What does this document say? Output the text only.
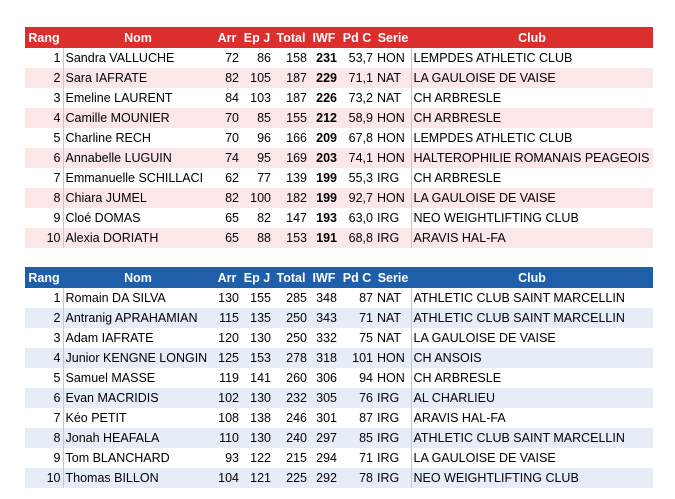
Rang	Nom	Arr	Ep J	Total	IWF	Pd C	Serie	Club
1	Sandra VALLUCHE	72	86	158	231	53,7	HON	LEMPDES ATHLETIC CLUB
2	Sara IAFRATE	82	105	187	229	71,1	NAT	LA GAULOISE DE VAISE
3	Emeline LAURENT	84	103	187	226	73,2	NAT	CH ARBRESLE
4	Camille MOUNIER	70	85	155	212	58,9	HON	CH ARBRESLE
5	Charline RECH	70	96	166	209	67,8	HON	LEMPDES ATHLETIC CLUB
6	Annabelle LUGUIN	74	95	169	203	74,1	HON	HALTEROPHILIE ROMANAIS PEAGEOIS
7	Emmanuelle SCHILLACI	62	77	139	199	55,3	IRG	CH ARBRESLE
8	Chiara JUMEL	82	100	182	199	92,7	HON	LA GAULOISE DE VAISE
9	Cloé DOMAS	65	82	147	193	63,0	IRG	NEO WEIGHTLIFTING CLUB
10	Alexia DORIATH	65	88	153	191	68,8	IRG	ARAVIS HAL-FA
Rang	Nom	Arr	Ep J	Total	IWF	Pd C	Serie	Club
1	Romain DA SILVA	130	155	285	348	87	NAT	ATHLETIC CLUB SAINT MARCELLIN
2	Antranig APRAHAMIAN	115	135	250	343	71	NAT	ATHLETIC CLUB SAINT MARCELLIN
3	Adam IAFRATE	120	130	250	332	75	NAT	LA GAULOISE DE VAISE
4	Junior KENGNE LONGIN	125	153	278	318	101	HON	CH ANSOIS
5	Samuel MASSE	119	141	260	306	94	HON	CH ARBRESLE
6	Evan MACRIDIS	102	130	232	305	76	IRG	AL CHARLIEU
7	Kéo PETIT	108	138	246	301	87	IRG	ARAVIS HAL-FA
8	Jonah HEAFALA	110	130	240	297	85	IRG	ATHLETIC CLUB SAINT MARCELLIN
9	Tom BLANCHARD	93	122	215	294	71	IRG	LA GAULOISE DE VAISE
10	Thomas BILLON	104	121	225	292	78	IRG	NEO WEIGHTLIFTING CLUB
